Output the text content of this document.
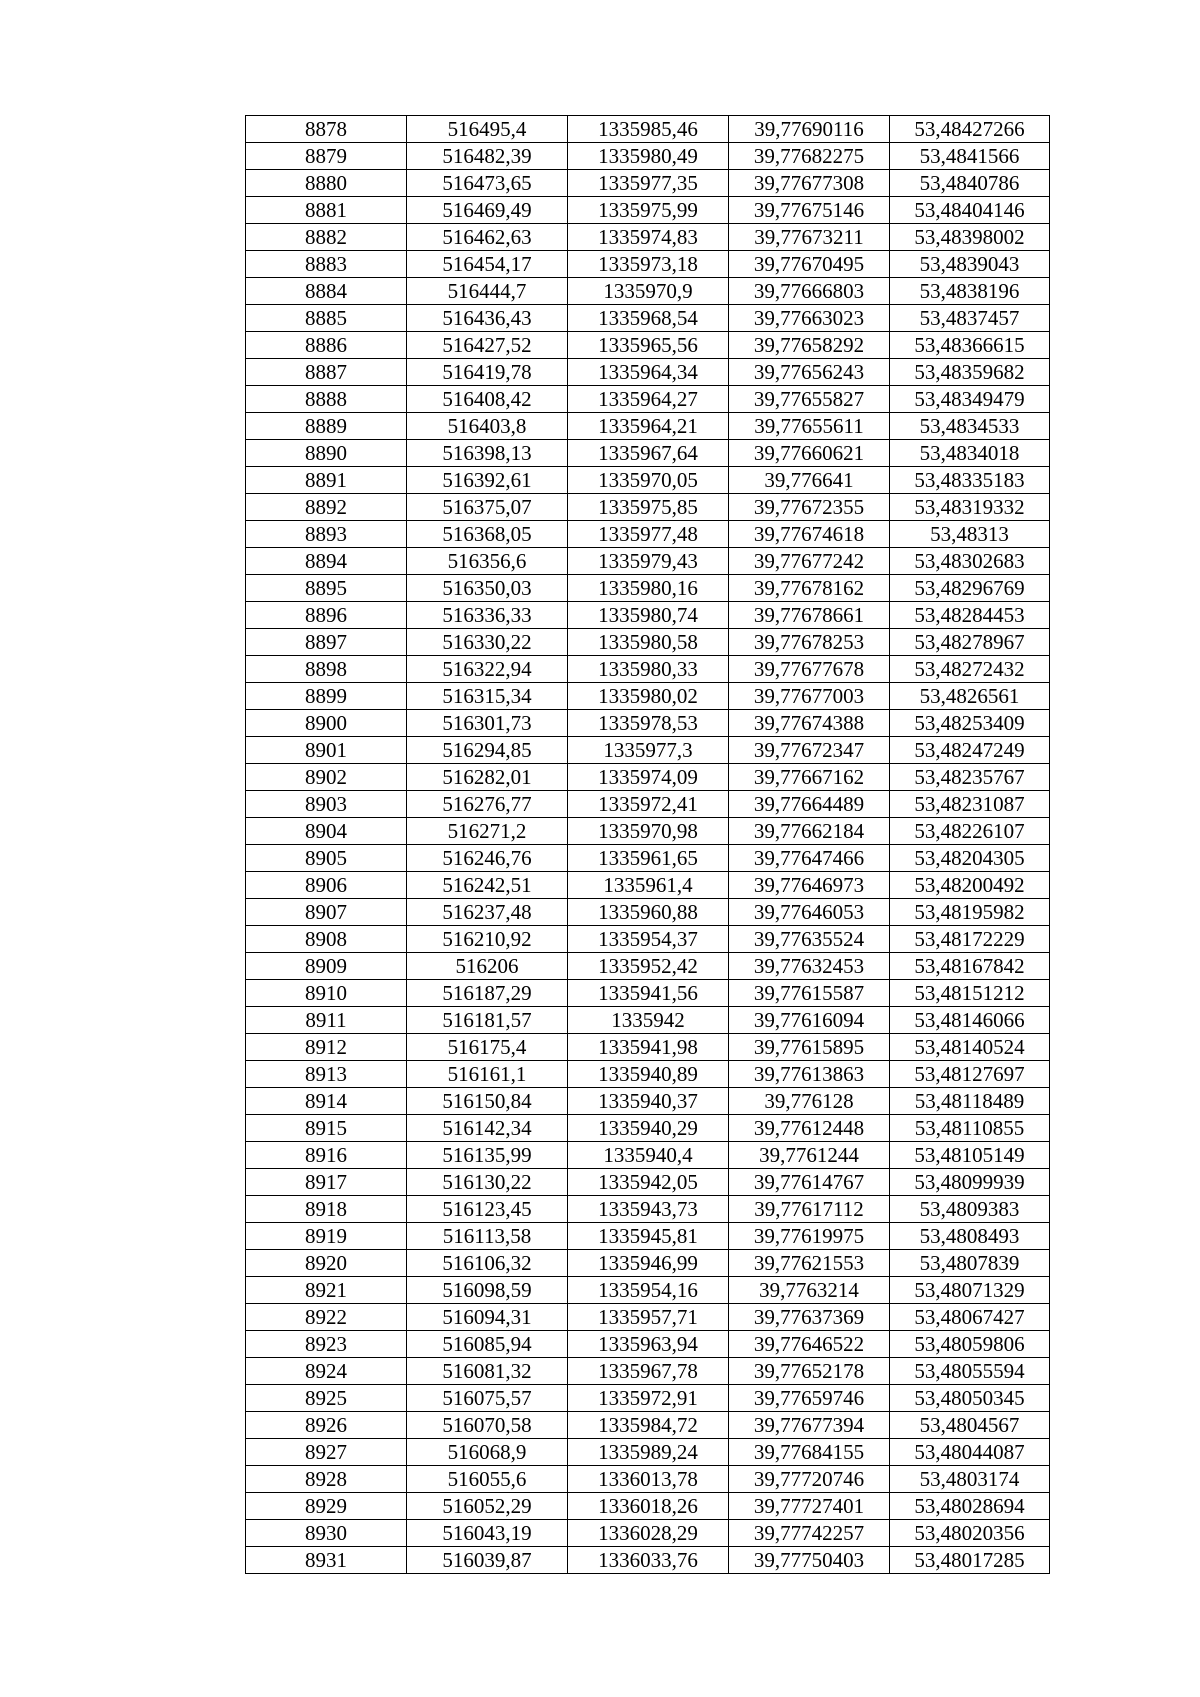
8878	516495,4	1335985,46	39,77690116	53,48427266
8879	516482,39	1335980,49	39,77682275	53,4841566
8880	516473,65	1335977,35	39,77677308	53,4840786
8881	516469,49	1335975,99	39,77675146	53,48404146
8882	516462,63	1335974,83	39,77673211	53,48398002
8883	516454,17	1335973,18	39,77670495	53,4839043
8884	516444,7	1335970,9	39,77666803	53,4838196
8885	516436,43	1335968,54	39,77663023	53,4837457
8886	516427,52	1335965,56	39,77658292	53,48366615
8887	516419,78	1335964,34	39,77656243	53,48359682
8888	516408,42	1335964,27	39,77655827	53,48349479
8889	516403,8	1335964,21	39,77655611	53,4834533
8890	516398,13	1335967,64	39,77660621	53,4834018
8891	516392,61	1335970,05	39,776641	53,48335183
8892	516375,07	1335975,85	39,77672355	53,48319332
8893	516368,05	1335977,48	39,77674618	53,48313
8894	516356,6	1335979,43	39,77677242	53,48302683
8895	516350,03	1335980,16	39,77678162	53,48296769
8896	516336,33	1335980,74	39,77678661	53,48284453
8897	516330,22	1335980,58	39,77678253	53,48278967
8898	516322,94	1335980,33	39,77677678	53,48272432
8899	516315,34	1335980,02	39,77677003	53,4826561
8900	516301,73	1335978,53	39,77674388	53,48253409
8901	516294,85	1335977,3	39,77672347	53,48247249
8902	516282,01	1335974,09	39,77667162	53,48235767
8903	516276,77	1335972,41	39,77664489	53,48231087
8904	516271,2	1335970,98	39,77662184	53,48226107
8905	516246,76	1335961,65	39,77647466	53,48204305
8906	516242,51	1335961,4	39,77646973	53,48200492
8907	516237,48	1335960,88	39,77646053	53,48195982
8908	516210,92	1335954,37	39,77635524	53,48172229
8909	516206	1335952,42	39,77632453	53,48167842
8910	516187,29	1335941,56	39,77615587	53,48151212
8911	516181,57	1335942	39,77616094	53,48146066
8912	516175,4	1335941,98	39,77615895	53,48140524
8913	516161,1	1335940,89	39,77613863	53,48127697
8914	516150,84	1335940,37	39,776128	53,48118489
8915	516142,34	1335940,29	39,77612448	53,48110855
8916	516135,99	1335940,4	39,7761244	53,48105149
8917	516130,22	1335942,05	39,77614767	53,48099939
8918	516123,45	1335943,73	39,77617112	53,4809383
8919	516113,58	1335945,81	39,77619975	53,4808493
8920	516106,32	1335946,99	39,77621553	53,4807839
8921	516098,59	1335954,16	39,7763214	53,48071329
8922	516094,31	1335957,71	39,77637369	53,48067427
8923	516085,94	1335963,94	39,77646522	53,48059806
8924	516081,32	1335967,78	39,77652178	53,48055594
8925	516075,57	1335972,91	39,77659746	53,48050345
8926	516070,58	1335984,72	39,77677394	53,4804567
8927	516068,9	1335989,24	39,77684155	53,48044087
8928	516055,6	1336013,78	39,77720746	53,4803174
8929	516052,29	1336018,26	39,77727401	53,48028694
8930	516043,19	1336028,29	39,77742257	53,48020356
8931	516039,87	1336033,76	39,77750403	53,48017285
